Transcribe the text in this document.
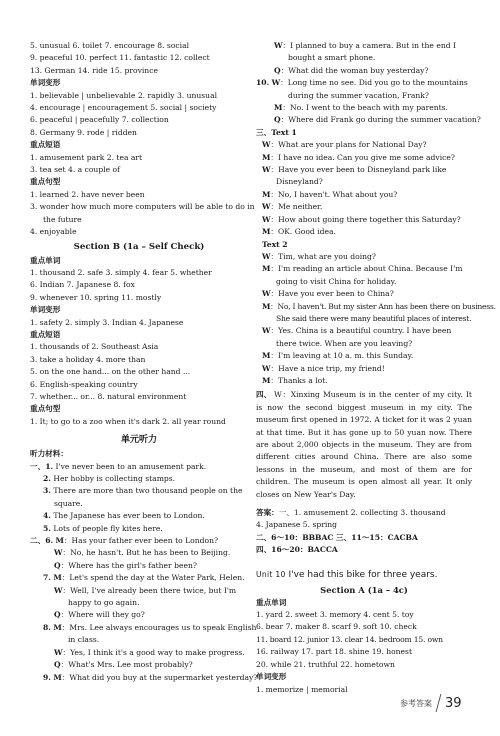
5. unusual 6. toilet 7. encourage 8. social
9. peaceful 10. perfect 11. fantastic 12. collect
13. German 14. ride 15. province
单词变形
1. believable | unbelievable 2. rapidly 3. unusual
4. encourage | encouragement 5. social | society
6. peaceful | peacefully 7. collection
8. Germany 9. rode | ridden
重点短语
1. amusement park 2. tea art
3. tea set 4. a couple of
重点句型
1. learned 2. have never been
3. wonder how much more computers will be able to do in
the future
4. enjoyable
Section B (1a – Self Check)
重点单词
1. thousand 2. safe 3. simply 4. fear 5. whether
6. Indian 7. Japanese 8. fox
9. whenever 10. spring 11. mostly
单词变形
1. safety 2. simply 3. Indian 4. Japanese
重点短语
1. thousands of 2. Southeast Asia
3. take a holiday 4. more than
5. on the one hand... on the other hand ...
6. English-speaking country
7. whether... or... 8. natural environment
重点句型
1. It; to go to a zoo when it's dark 2. all year round
单元听力
听力材料：
一、1. I've never been to an amusement park.
2. Her hobby is collecting stamps.
3. There are more than two thousand people on the
square.
4. The Japanese has ever been to London.
5. Lots of people fly kites here.
二、6. M：Has your father ever been to London?
W：No, he hasn't. But he has been to Beijing.
Q：Where has the girl's father been?
7. M：Let's spend the day at the Water Park, Helen.
W：Well, I've already been there twice, but I'm
happy to go again.
Q：Where will they go?
8. M：Mrs. Lee always encourages us to speak English
in class.
W：Yes, I think it's a good way to make progress.
Q：What's Mrs. Lee most probably?
9. M：What did you buy at the supermarket yesterday?
W：I planned to buy a camera. But in the end I
bought a smart phone.
Q：What did the woman buy yesterday?
10. W：Long time no see. Did you go to the mountains
during the summer vacation, Frank?
M：No. I went to the beach with my parents.
Q：Where did Frank go during the summer vacation?
三、Text 1
W：What are your plans for National Day?
M：I have no idea. Can you give me some advice?
W：Have you ever been to Disneyland park like
Disneyland?
M：No, I haven't. What about you?
W：Me neither.
W：How about going there together this Saturday?
M：OK. Good idea.
Text 2
W：Tim, what are you doing?
M：I'm reading an article about China. Because I'm
going to visit China for holiday.
W：Have you ever been to China?
M：No, I haven't. But my sister Ann has been there on business.
She said there were many beautiful places of interest.
W：Yes. China is a beautiful country. I have been
there twice. When are you leaving?
M：I'm leaving at 10 a. m. this Sunday.
W：Have a nice trip, my friend!
M：Thanks a lot.
四、 W：Xinxing Museum is in the center of my city. It is now the second biggest museum in my city. The museum first opened in 1972. A ticket for it was 2 yuan at that time. But it has gone up to 50 yuan now. There are about 2,000 objects in the museum. They are from different cities around China. There are also some lessons in the museum, and most of them are for children. The museum is open almost all year. It only closes on New Year's Day.
答案：一、1. amusement 2. collecting 3. thousand
4. Japanese 5. spring
二、6～10：BBBAC 三、11～15：CACBA
四、16～20：BACCA
Unit 10 I've had this bike for three years.
Section A (1a – 4c)
重点单词
1. yard 2. sweet 3. memory 4. cent 5. toy
6. bear 7. maker 8. scarf 9. soft 10. check
11. board 12. junior 13. clear 14. bedroom 15. own
16. railway 17. part 18. shine 19. honest
20. while 21. truthful 22. hometown
单词变形
1. memorize | memorial
参考答案 39
